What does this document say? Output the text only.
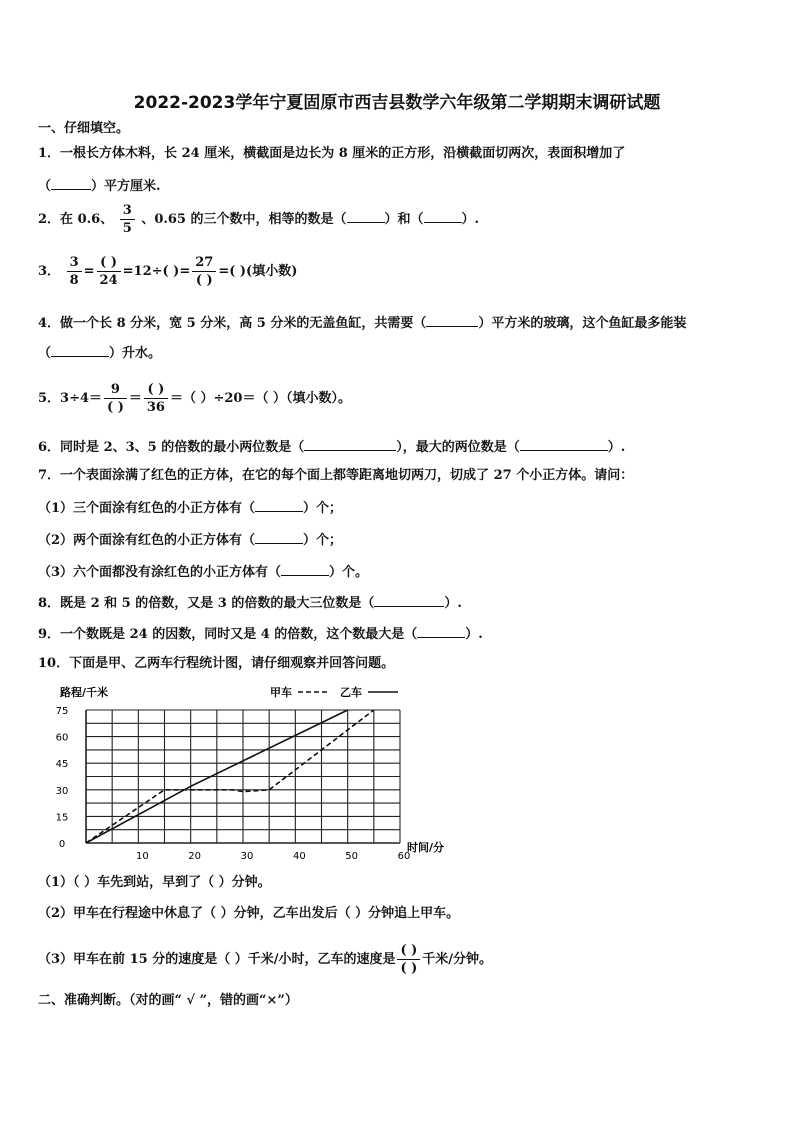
2022-2023学年宁夏固原市西吉县数学六年级第二学期期末调研试题
一、仔细填空。
1．一根长方体木料，长 24 厘米，横截面是边长为 8 厘米的正方形，沿横截面切两次，表面积增加了
（	）平方厘米.
2．在 0.6、 $\frac{3}{5}$ 、0.65 的三个数中，相等的数是（	）和（	）.
3． $\frac{3}{8} = \frac{( )}{24} =12\div$( )= $\frac{27}{( )}$ =( )(填小数)
4．做一个长 8 分米，宽 5 分米，高 5 分米的无盖鱼缸，共需要（	）平方米的玻璃，这个鱼缸最多能装
（	）升水。
5．$3\div 4= \frac{9}{( )} = \frac{( )}{36}$ ＝（ ）÷20＝（ ）（填小数）。
6．同时是 2、3、5 的倍数的最小两位数是（	），最大的两位数是（	）.
7．一个表面涂满了红色的正方体，在它的每个面上都等距离地切两刀，切成了 27 个小正方体。请问：
（1）三个面涂有红色的小正方体有（	）个；
（2）两个面涂有红色的小正方体有（	）个；
（3）六个面都没有涂红色的小正方体有（	）个。
8．既是 2 和 5 的倍数，又是 3 的倍数的最大三位数是（	）.
9．一个数既是 24 的因数，同时又是 4 的倍数，这个数最大是（	）.
10．下面是甲、乙两车行程统计图，请仔细观察并回答问题。
0
15
30
45
60
75
10	20	30	40	50	60
路程/千米
时间/分
甲车	乙车
（1）（ ）车先到站，早到了（ ）分钟。
（2）甲车在行程途中休息了（ ）分钟，乙车出发后（ ）分钟追上甲车。
（3）甲车在前 15 分的速度是（ ）千米/小时，乙车的速度是 $\frac{( )}{( )}$ 千米/分钟。
二、准确判断。（对的画“ √ ”，错的画“×”）
